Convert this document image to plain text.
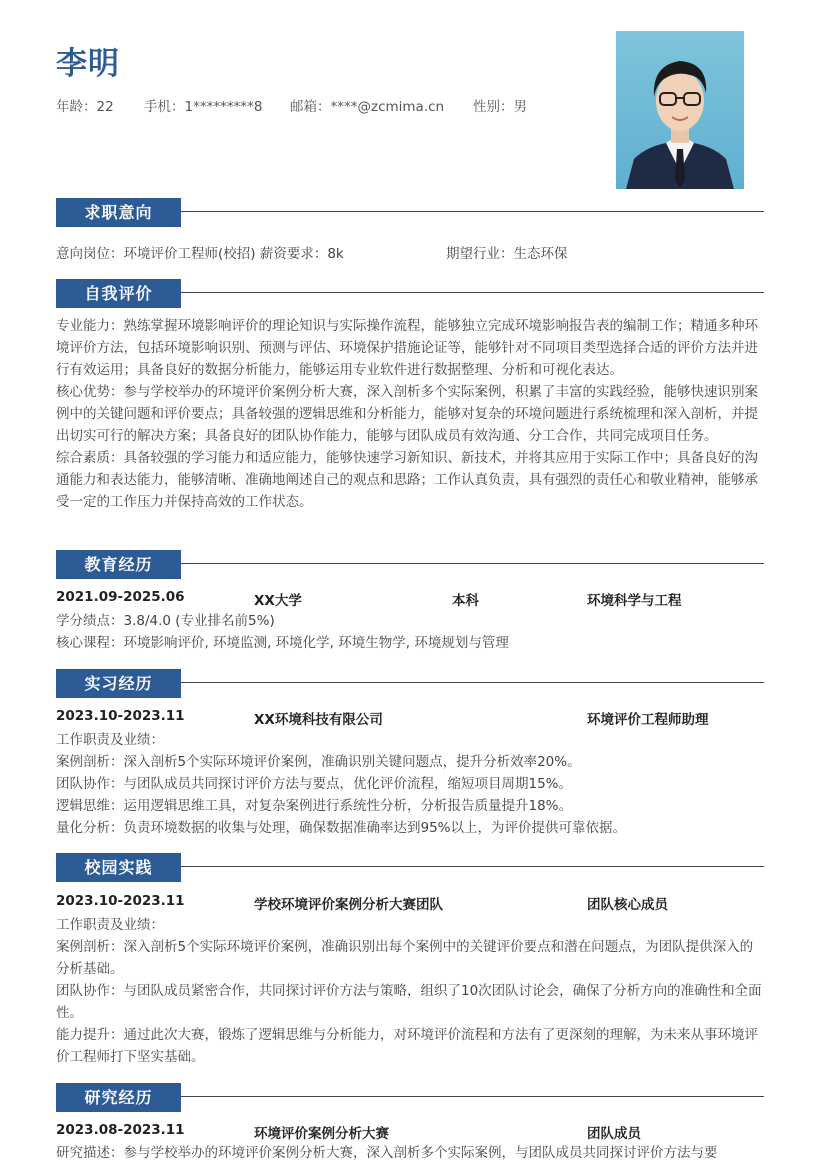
李明
年龄：22 手机：1*********8 邮箱：****@zcmima.cn 性别：男
求职意向
意向岗位：环境评价工程师(校招) 薪资要求：8k	期望行业：生态环保
自我评价

专业能力：熟练掌握环境影响评价的理论知识与实际操作流程，能够独立完成环境影响报告表的编制工作；精通多种环境评价方法，包括环境影响识别、预测与评估、环境保护措施论证等，能够针对不同项目类型选择合适的评价方法并进行有效运用；具备良好的数据分析能力，能够运用专业软件进行数据整理、分析和可视化表达。

核心优势：参与学校举办的环境评价案例分析大赛，深入剖析多个实际案例，积累了丰富的实践经验，能够快速识别案例中的关键问题和评价要点；具备较强的逻辑思维和分析能力，能够对复杂的环境问题进行系统梳理和深入剖析，并提出切实可行的解决方案；具备良好的团队协作能力，能够与团队成员有效沟通、分工合作，共同完成项目任务。

综合素质：具备较强的学习能力和适应能力，能够快速学习新知识、新技术，并将其应用于实际工作中；具备良好的沟通能力和表达能力，能够清晰、准确地阐述自己的观点和思路；工作认真负责，具有强烈的责任心和敬业精神，能够承受一定的工作压力并保持高效的工作状态。

教育经历
2021.09-2025.06	XX大学	本科	环境科学与工程

学分绩点：3.8/4.0 (专业排名前5%)

核心课程：环境影响评价, 环境监测, 环境化学, 环境生物学, 环境规划与管理

实习经历
2023.10-2023.11	XX环境科技有限公司	环境评价工程师助理

工作职责及业绩：

案例剖析：深入剖析5个实际环境评价案例，准确识别关键问题点，提升分析效率20%。

团队协作：与团队成员共同探讨评价方法与要点，优化评价流程，缩短项目周期15%。

逻辑思维：运用逻辑思维工具，对复杂案例进行系统性分析，分析报告质量提升18%。

量化分析：负责环境数据的收集与处理，确保数据准确率达到95%以上，为评价提供可靠依据。

校园实践
2023.10-2023.11	学校环境评价案例分析大赛团队	团队核心成员

工作职责及业绩：

案例剖析：深入剖析5个实际环境评价案例，准确识别出每个案例中的关键评价要点和潜在问题点，为团队提供深入的分析基础。

团队协作：与团队成员紧密合作，共同探讨评价方法与策略，组织了10次团队讨论会，确保了分析方向的准确性和全面性。

能力提升：通过此次大赛，锻炼了逻辑思维与分析能力，对环境评价流程和方法有了更深刻的理解，为未来从事环境评价工程师打下坚实基础。

研究经历
2023.08-2023.11	环境评价案例分析大赛	团队成员

研究描述：参与学校举办的环境评价案例分析大赛，深入剖析多个实际案例，与团队成员共同探讨评价方法与要
